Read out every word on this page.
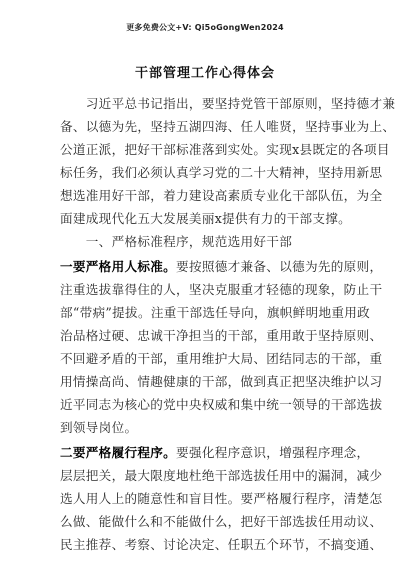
更多免费公文+V: Qi5oGongWen2024
干部管理工作心得体会
　　习近平总书记指出，要坚持党管干部原则，坚持德才兼
备、以德为先，坚持五湖四海、任人唯贤，坚持事业为上、
公道正派，把好干部标准落到实处。实现x县既定的各项目
标任务，我们必须认真学习党的二十大精神，坚持用新思
想选准用好干部，着力建设高素质专业化干部队伍，为全
面建成现代化五大发展美丽x提供有力的干部支撑。
　　一、严格标准程序，规范选用好干部
一要严格用人标准。要按照德才兼备、以德为先的原则，
注重选拔靠得住的人，坚决克服重才轻德的现象，防止干
部“带病”提拔。注重干部选任导向，旗帜鲜明地重用政
治品格过硬、忠诚干净担当的干部，重用敢于坚持原则、
不回避矛盾的干部，重用维护大局、团结同志的干部，重
用情操高尚、情趣健康的干部，做到真正把坚决维护以习
近平同志为核心的党中央权威和集中统一领导的干部选拔
到领导岗位。
二要严格履行程序。要强化程序意识，增强程序理念，
层层把关，最大限度地杜绝干部选拔任用中的漏洞，减少
选人用人上的随意性和盲目性。要严格履行程序，清楚怎
么做、能做什么和不能做什么，把好干部选拔任用动议、
民主推荐、考察、讨论决定、任职五个环节，不搞变通、
